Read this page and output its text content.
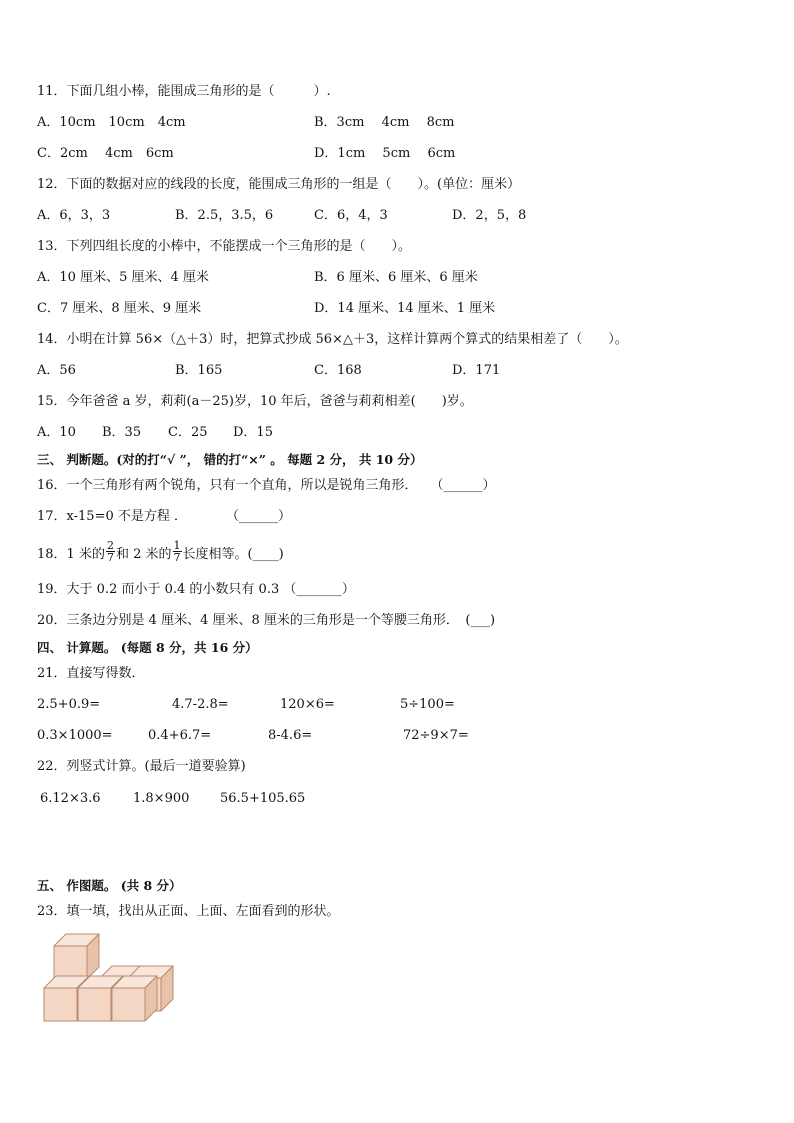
11．下面几组小棒，能围成三角形的是（　　　）.
A．10cm　10cm　4cm	B．3cm　 4cm　 8cm
C．2cm　 4cm　6cm	D．1cm　 5cm　 6cm
12．下面的数据对应的线段的长度，能围成三角形的一组是（　　）。(单位：厘米）
A．6，3，3	B．2.5，3.5，6	C．6，4，3	D．2，5，8
13．下列四组长度的小棒中，不能摆成一个三角形的是（　　）。
A．10 厘米、5 厘米、4 厘米	B．6 厘米、6 厘米、6 厘米
C．7 厘米、8 厘米、9 厘米	D．14 厘米、14 厘米、1 厘米
14．小明在计算 56×（△＋3）时，把算式抄成 56×△＋3，这样计算两个算式的结果相差了（　　）。
A．56	B．165	C．168	D．171
15．今年爸爸 a 岁，莉莉(a－25)岁，10 年后，爸爸与莉莉相差(　　)岁。
A．10 B．35 C．25 D．15
三、 判断题。(对的打“√ ”， 错的打“×” 。 每题 2 分， 共 10 分）
16．一个三角形有两个锐角，只有一个直角，所以是锐角三角形．　　（______）
17．x-15=0 不是方程 ．　　　　（______）
18．1 米的 $\frac{2}{7}$ 和 2 米的 $\frac{1}{7}$ 长度相等。(____)
19．大于 0.2 而小于 0.4 的小数只有 0.3 （_______）
20．三条边分别是 4 厘米、4 厘米、8 厘米的三角形是一个等腰三角形．　(___)
四、 计算题。 (每题 8 分，共 16 分）
21．直接写得数．
2.5+0.9=	4.7-2.8=	120×6=	5÷100=
0.3×1000=	0.4+6.7=	8-4.6=	72÷9×7=
22．列竖式计算。(最后一道要验算)
6.12×3.6 1.8×900 56.5+105.65
五、 作图题。 (共 8 分）
23．填一填，找出从正面、上面、左面看到的形状。
